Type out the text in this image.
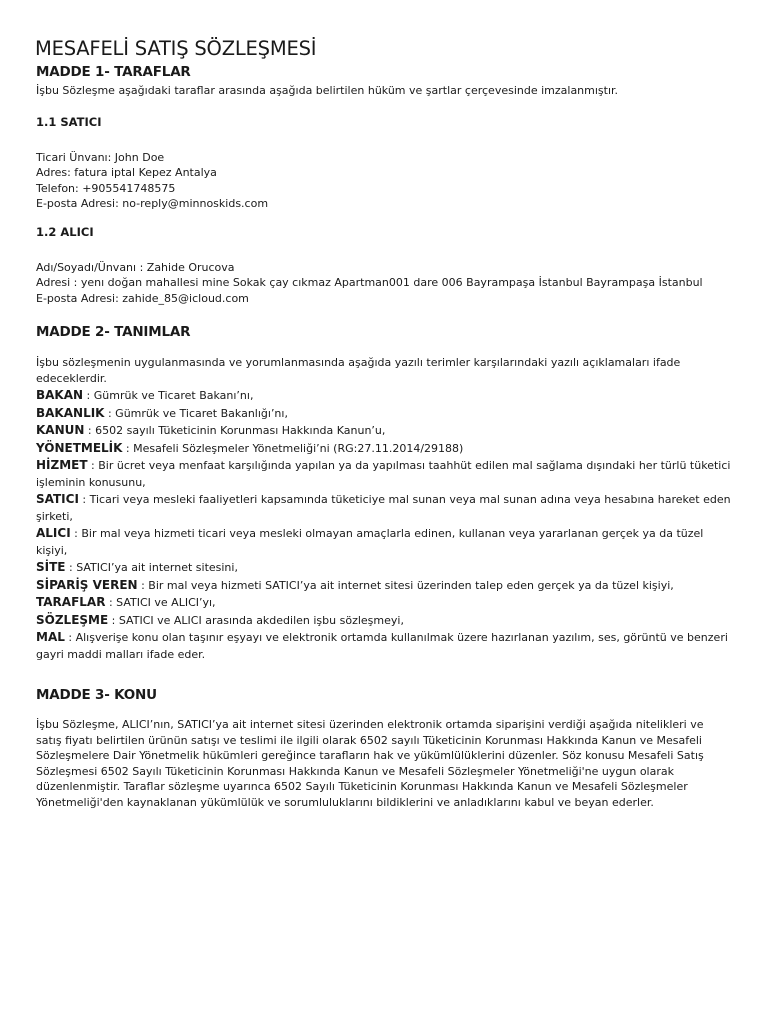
MESAFELİ SATIŞ SÖZLEŞMESİ
MADDE 1- TARAFLAR

İşbu Sözleşme aşağıdaki taraflar arasında aşağıda belirtilen hüküm ve şartlar çerçevesinde imzalanmıştır.

1.1 SATICI
Ticari Ünvanı: John Doe
Adres: fatura iptal Kepez Antalya
Telefon: +905541748575
E-posta Adresi: no-reply@minnoskids.com
1.2 ALICI
Adı/Soyadı/Ünvanı : Zahide Orucova
Adresi : yenı doğan mahallesi mine Sokak çay cıkmaz Apartman001 dare 006 Bayrampaşa İstanbul Bayrampaşa İstanbul
E-posta Adresi: zahide_85@icloud.com
MADDE 2- TANIMLAR

İşbu sözleşmenin uygulanmasında ve yorumlanmasında aşağıda yazılı terimler karşılarındaki yazılı açıklamaları ifade edeceklerdir.

BAKAN : Gümrük ve Ticaret Bakanı’nı,

BAKANLIK : Gümrük ve Ticaret Bakanlığı’nı,

KANUN : 6502 sayılı Tüketicinin Korunması Hakkında Kanun’u,

YÖNETMELİK : Mesafeli Sözleşmeler Yönetmeliği’ni (RG:27.11.2014/29188)

HİZMET : Bir ücret veya menfaat karşılığında yapılan ya da yapılması taahhüt edilen mal sağlama dışındaki her türlü tüketici işleminin konusunu,

SATICI : Ticari veya mesleki faaliyetleri kapsamında tüketiciye mal sunan veya mal sunan adına veya hesabına hareket eden şirketi,

ALICI : Bir mal veya hizmeti ticari veya mesleki olmayan amaçlarla edinen, kullanan veya yararlanan gerçek ya da tüzel kişiyi,

SİTE : SATICI’ya ait internet sitesini,

SİPARİŞ VEREN : Bir mal veya hizmeti SATICI’ya ait internet sitesi üzerinden talep eden gerçek ya da tüzel kişiyi,

TARAFLAR : SATICI ve ALICI’yı,

SÖZLEŞME : SATICI ve ALICI arasında akdedilen işbu sözleşmeyi,

MAL : Alışverişe konu olan taşınır eşyayı ve elektronik ortamda kullanılmak üzere hazırlanan yazılım, ses, görüntü ve benzeri gayri maddi malları ifade eder.

MADDE 3- KONU

İşbu Sözleşme, ALICI’nın, SATICI’ya ait internet sitesi üzerinden elektronik ortamda siparişini verdiği aşağıda nitelikleri ve satış fiyatı belirtilen ürünün satışı ve teslimi ile ilgili olarak 6502 sayılı Tüketicinin Korunması Hakkında Kanun ve Mesafeli Sözleşmelere Dair Yönetmelik hükümleri gereğince tarafların hak ve yükümlülüklerini düzenler. Söz konusu Mesafeli Satış Sözleşmesi 6502 Sayılı Tüketicinin Korunması Hakkında Kanun ve Mesafeli Sözleşmeler Yönetmeliği'ne uygun olarak düzenlenmiştir. Taraflar sözleşme uyarınca 6502 Sayılı Tüketicinin Korunması Hakkında Kanun ve Mesafeli Sözleşmeler Yönetmeliği'den kaynaklanan yükümlülük ve sorumluluklarını bildiklerini ve anladıklarını kabul ve beyan ederler.
